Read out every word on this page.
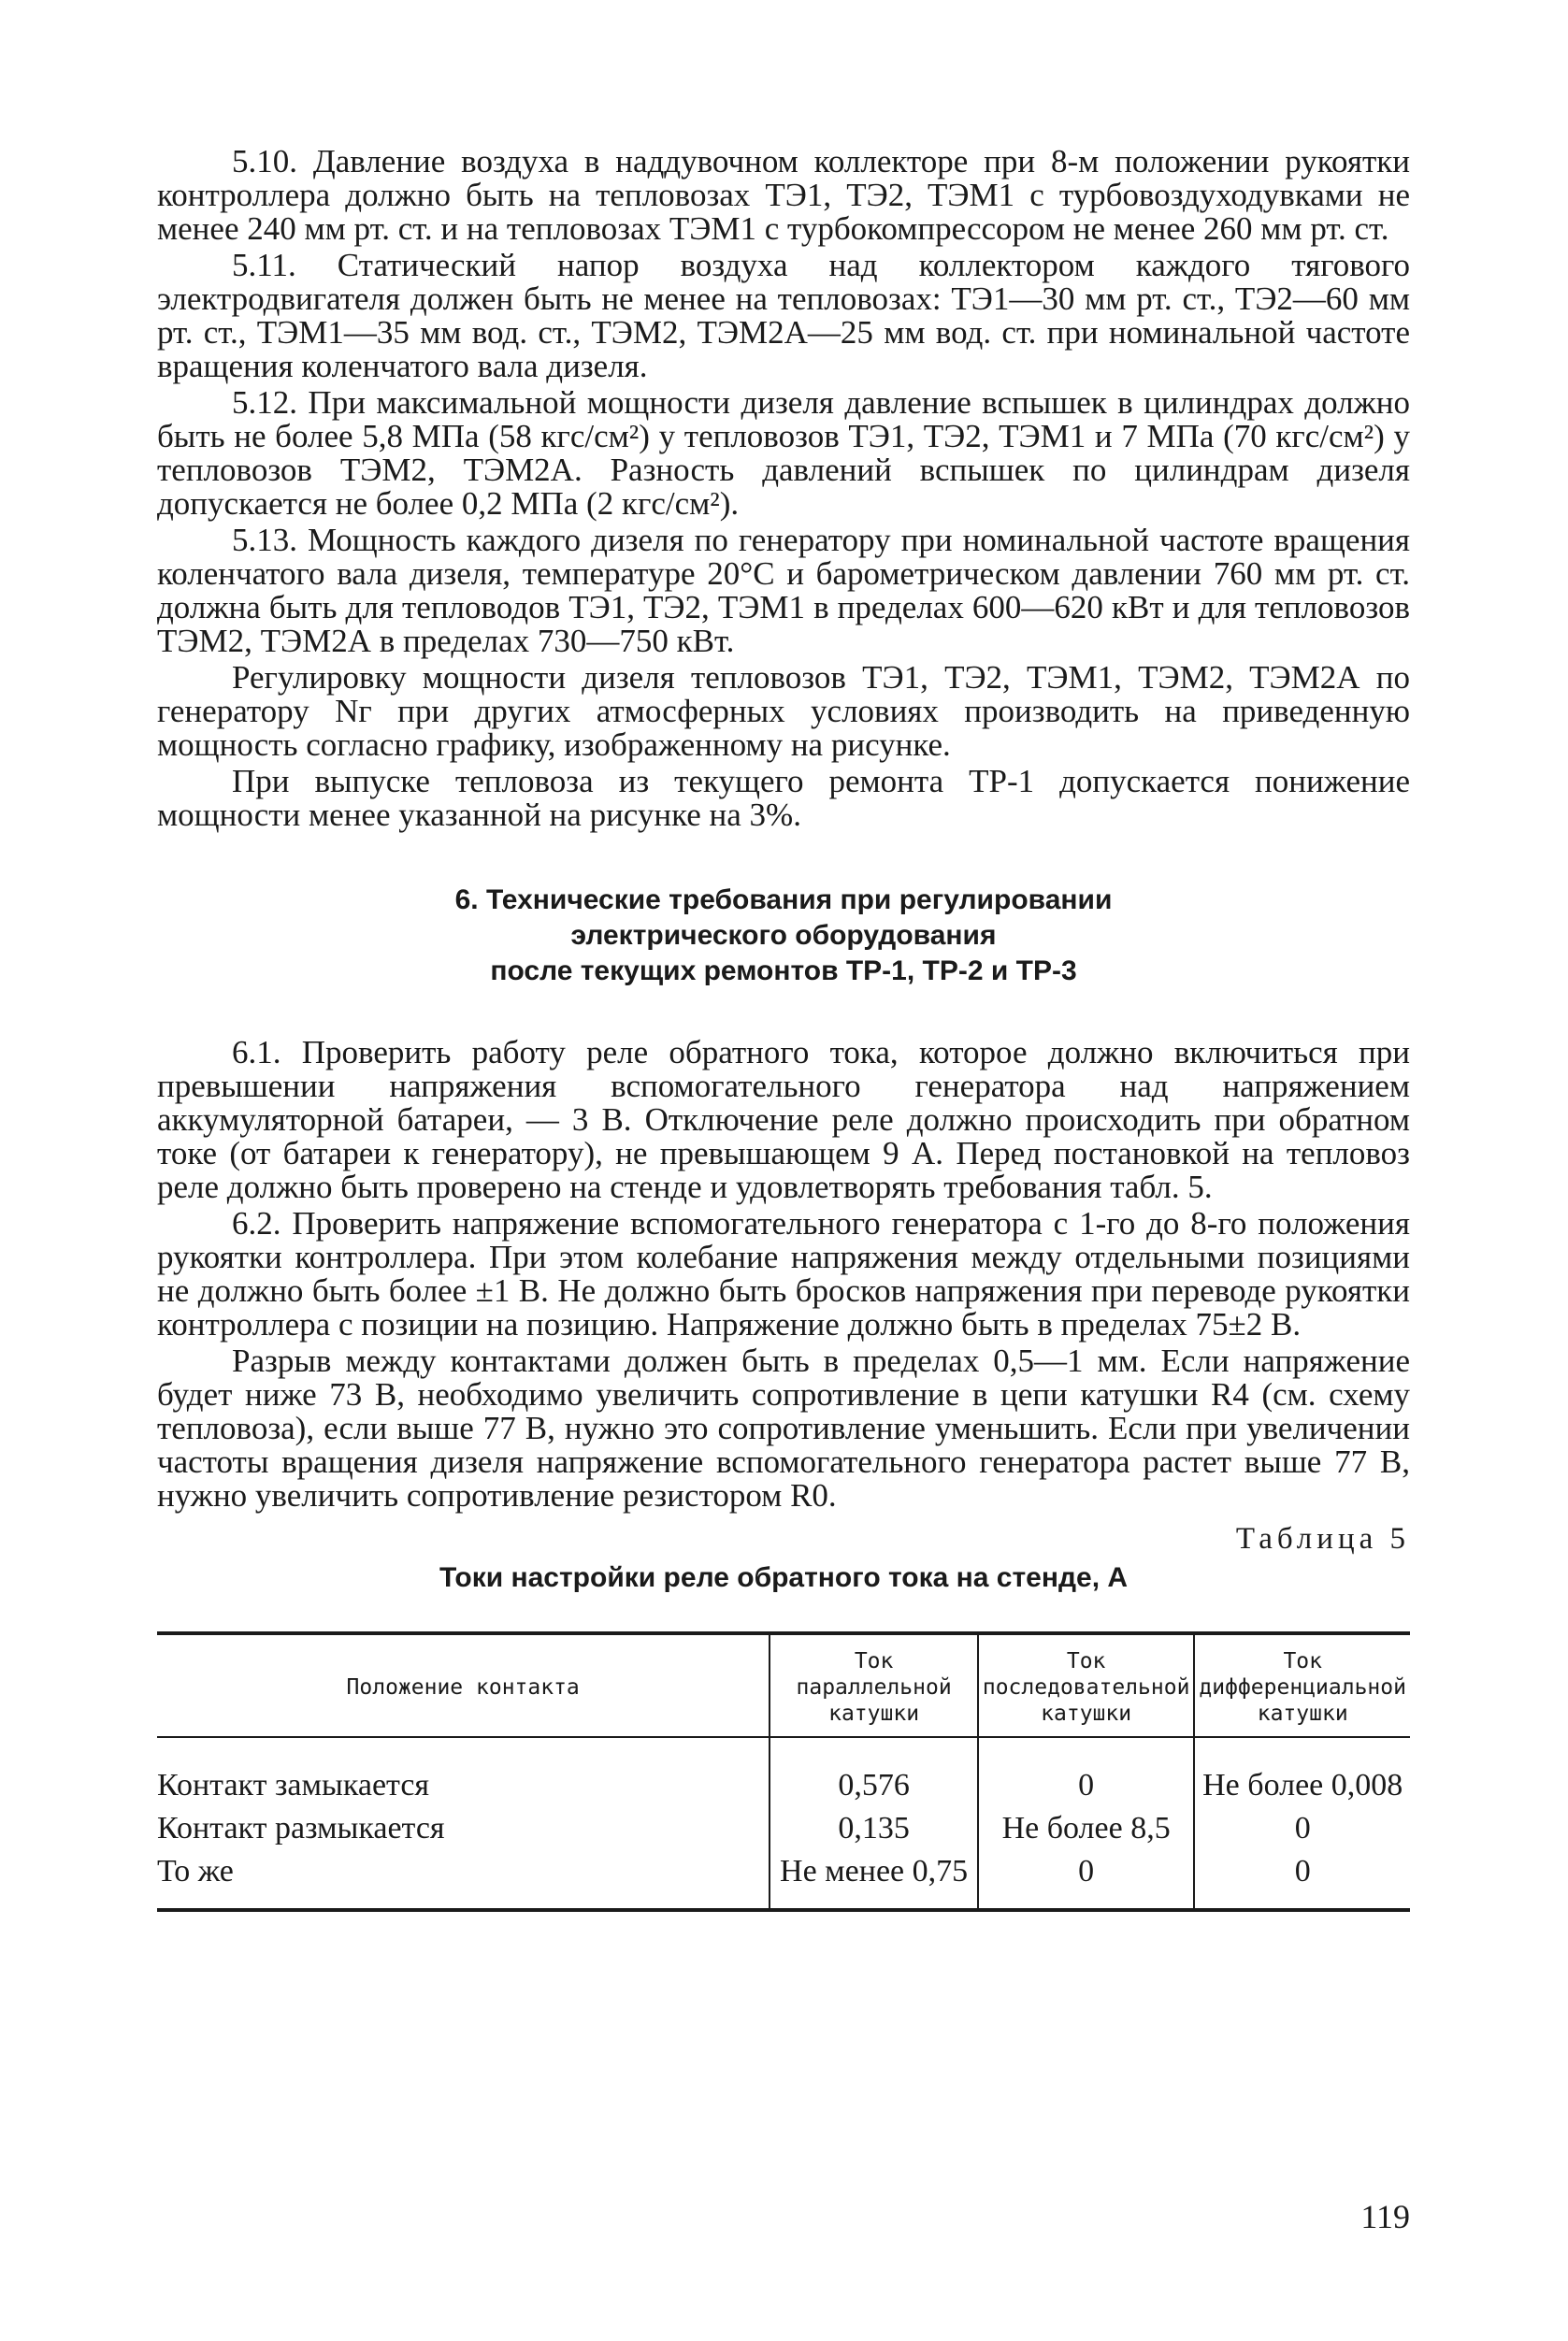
5.10. Давление воздуха в наддувочном коллекторе при 8-м положении рукоятки контроллера должно быть на тепловозах ТЭ1, ТЭ2, ТЭМ1 с турбовоздуходувками не менее 240 мм рт. ст. и на тепловозах ТЭМ1 с турбокомпрессором не менее 260 мм рт. ст.

5.11. Статический напор воздуха над коллектором каждого тягового электродвигателя должен быть не менее на тепловозах: ТЭ1—30 мм рт. ст., ТЭ2—60 мм рт. ст., ТЭМ1—35 мм вод. ст., ТЭМ2, ТЭМ2А—25 мм вод. ст. при номинальной частоте вращения коленчатого вала дизеля.

5.12. При максимальной мощности дизеля давление вспышек в цилиндрах должно быть не более 5,8 МПа (58 кгс/см²) у тепловозов ТЭ1, ТЭ2, ТЭМ1 и 7 МПа (70 кгс/см²) у тепловозов ТЭМ2, ТЭМ2А. Разность давлений вспышек по цилиндрам дизеля допускается не более 0,2 МПа (2 кгс/см²).

5.13. Мощность каждого дизеля по генератору при номинальной частоте вращения коленчатого вала дизеля, температуре 20°С и барометрическом давлении 760 мм рт. ст. должна быть для тепловодов ТЭ1, ТЭ2, ТЭМ1 в пределах 600—620 кВт и для тепловозов ТЭМ2, ТЭМ2А в пределах 730—750 кВт.

Регулировку мощности дизеля тепловозов ТЭ1, ТЭ2, ТЭМ1, ТЭМ2, ТЭМ2А по генератору Nг при других атмосферных условиях производить на приведенную мощность согласно графику, изображенному на рисунке.

При выпуске тепловоза из текущего ремонта ТР-1 допускается понижение мощности менее указанной на рисунке на 3%.

6. Технические требования при регулировании
электрического оборудования
после текущих ремонтов ТР-1, ТР-2 и ТР-3

6.1. Проверить работу реле обратного тока, которое должно включиться при превышении напряжения вспомогательного генератора над напряжением аккумуляторной батареи, — 3 В. Отключение реле должно происходить при обратном токе (от батареи к генератору), не превышающем 9 А. Перед постановкой на тепловоз реле должно быть проверено на стенде и удовлетворять требования табл. 5.

6.2. Проверить напряжение вспомогательного генератора с 1-го до 8-го положения рукоятки контроллера. При этом колебание напряжения между отдельными позициями не должно быть более ±1 В. Не должно быть бросков напряжения при переводе рукоятки контроллера с позиции на позицию. Напряжение должно быть в пределах 75±2 В.

Разрыв между контактами должен быть в пределах 0,5—1 мм. Если напряжение будет ниже 73 В, необходимо увеличить сопротивление в цепи катушки R4 (см. схему тепловоза), если выше 77 В, нужно это сопротивление уменьшить. Если при увеличении частоты вращения дизеля напряжение вспомогательного генератора растет выше 77 В, нужно увеличить сопротивление резистором R0.

Таблица 5
Токи настройки реле обратного тока на стенде, А
Положение контакта	Ток параллельной катушки	Ток последовательной катушки	Ток дифференциальной катушки
Контакт замыкается	0,576	0	Не более 0,008
Контакт размыкается	0,135	Не более 8,5	0
То же	Не менее 0,75	0	0
119
